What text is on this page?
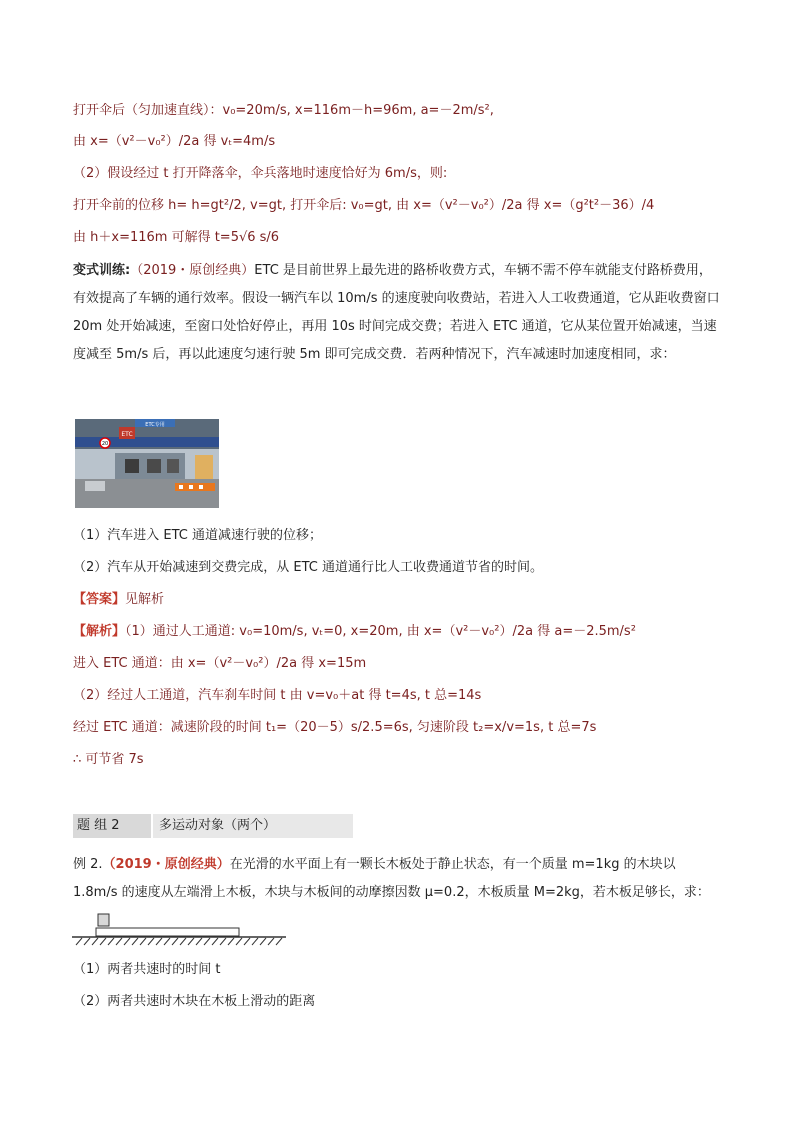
打开伞后（匀加速直线）：v₀=20m/s, x=116m－h=96m, a=－2m/s²,
由 x=（v²－v₀²）/2a 得 vₜ=4m/s
（2）假设经过 t 打开降落伞，伞兵落地时速度恰好为 6m/s，则:
打开伞前的位移 h= h=gt²/2, v=gt, 打开伞后: v₀=gt, 由 x=（v²－v₀²）/2a 得 x=（g²t²－36）/4
由 h＋x=116m 可解得 t=5√6 s/6
变式训练:（2019・原创经典）ETC 是目前世界上最先进的路桥收费方式，车辆不需不停车就能支付路桥费用，有效提高了车辆的通行效率。假设一辆汽车以 10m/s 的速度驶向收费站，若进入人工收费通道，它从距收费窗口 20m 处开始减速，至窗口处恰好停止，再用 10s 时间完成交费；若进入 ETC 通道，它从某位置开始减速，当速度减至 5m/s 后，再以此速度匀速行驶 5m 即可完成交费．若两种情况下，汽车减速时加速度相同，求：
ETC专用
ETC
20
（1）汽车进入 ETC 通道减速行驶的位移；
（2）汽车从开始减速到交费完成，从 ETC 通道通行比人工收费通道节省的时间。
【答案】见解析
【解析】（1）通过人工通道: v₀=10m/s, vₜ=0, x=20m, 由 x=（v²－v₀²）/2a 得 a=－2.5m/s²
进入 ETC 通道：由 x=（v²－v₀²）/2a 得 x=15m
（2）经过人工通道，汽车刹车时间 t 由 v=v₀＋at 得 t=4s, t 总=14s
经过 ETC 通道：减速阶段的时间 t₁=（20－5）s/2.5=6s, 匀速阶段 t₂=x/v=1s, t 总=7s
∴ 可节省 7s
题 组 2	多运动对象（两个）
例 2.（2019・原创经典）在光滑的水平面上有一颗长木板处于静止状态，有一个质量 m=1kg 的木块以 1.8m/s 的速度从左端滑上木板，木块与木板间的动摩擦因数 μ=0.2，木板质量 M=2kg，若木板足够长，求：
（1）两者共速时的时间 t
（2）两者共速时木块在木板上滑动的距离
